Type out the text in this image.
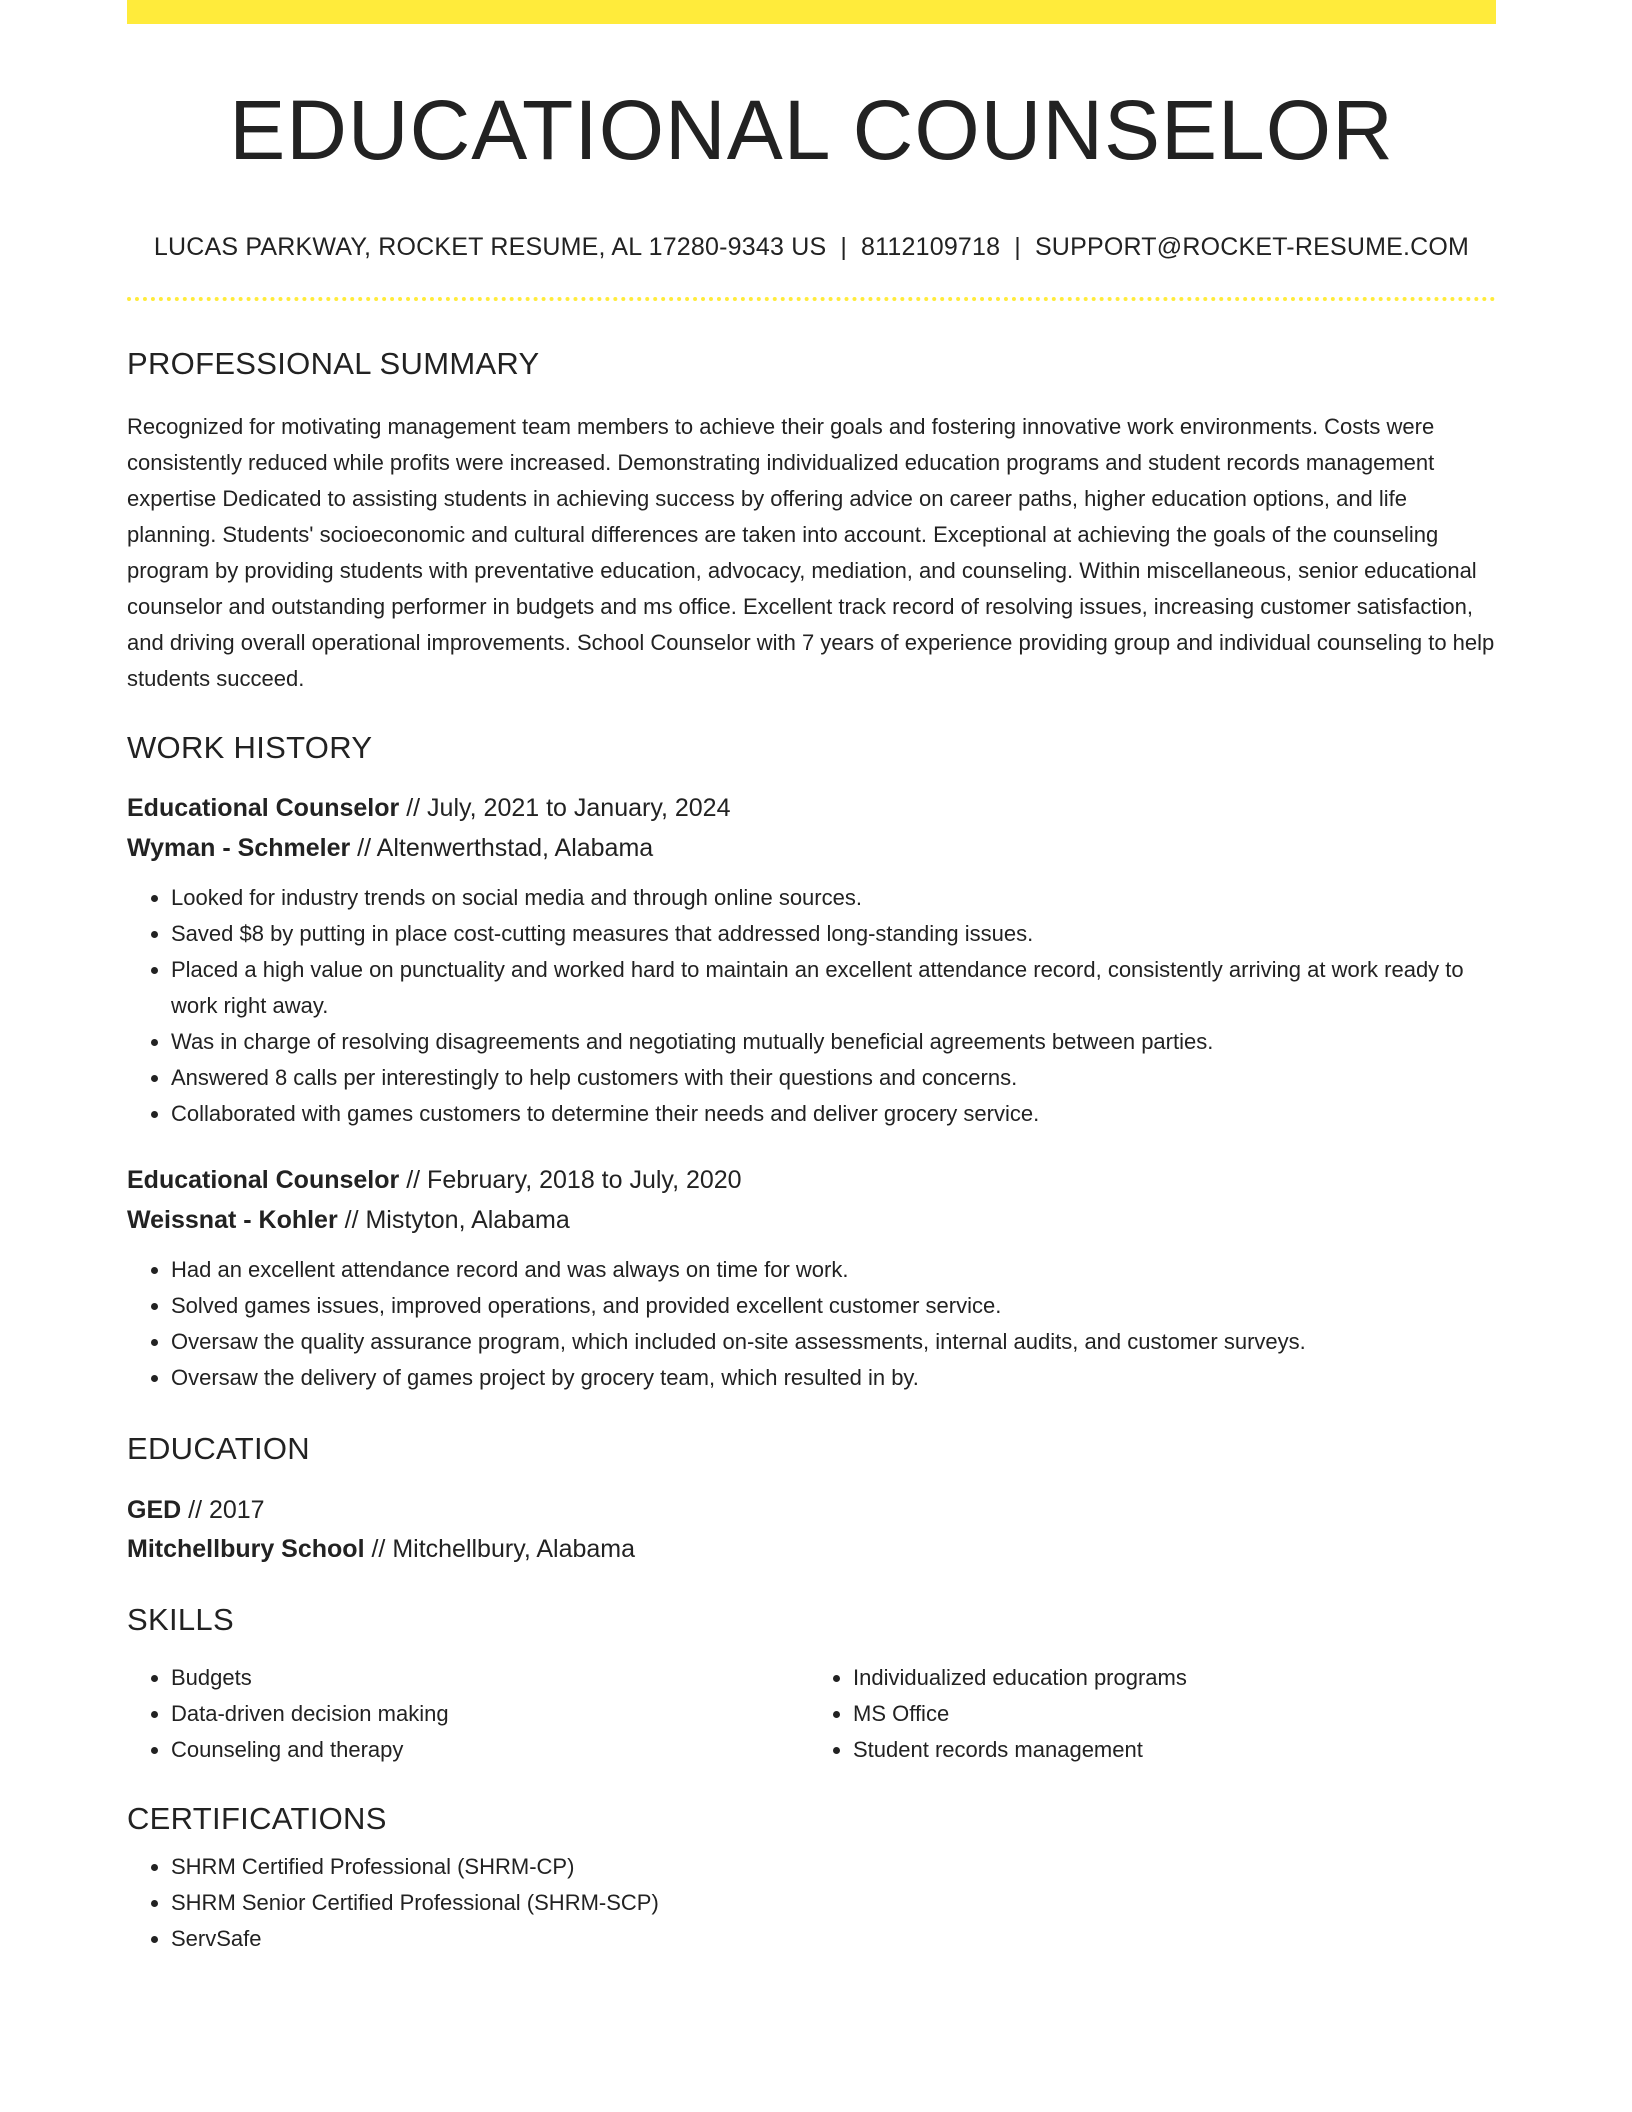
EDUCATIONAL COUNSELOR
LUCAS PARKWAY, ROCKET RESUME, AL 17280-9343 US | 8112109718 | SUPPORT@ROCKET-RESUME.COM
PROFESSIONAL SUMMARY
Recognized for motivating management team members to achieve their goals and fostering innovative work environments. Costs were consistently reduced while profits were increased. Demonstrating individualized education programs and student records management expertise Dedicated to assisting students in achieving success by offering advice on career paths, higher education options, and life planning. Students' socioeconomic and cultural differences are taken into account. Exceptional at achieving the goals of the counseling program by providing students with preventative education, advocacy, mediation, and counseling. Within miscellaneous, senior educational counselor and outstanding performer in budgets and ms office. Excellent track record of resolving issues, increasing customer satisfaction, and driving overall operational improvements. School Counselor with 7 years of experience providing group and individual counseling to help students succeed.
WORK HISTORY
Educational Counselor // July, 2021 to January, 2024
Wyman - Schmeler // Altenwerthstad, Alabama
• Looked for industry trends on social media and through online sources.
• Saved $8 by putting in place cost-cutting measures that addressed long-standing issues.
• Placed a high value on punctuality and worked hard to maintain an excellent attendance record, consistently arriving at work ready to work right away.
• Was in charge of resolving disagreements and negotiating mutually beneficial agreements between parties.
• Answered 8 calls per interestingly to help customers with their questions and concerns.
• Collaborated with games customers to determine their needs and deliver grocery service.
Educational Counselor // February, 2018 to July, 2020
Weissnat - Kohler // Mistyton, Alabama
• Had an excellent attendance record and was always on time for work.
• Solved games issues, improved operations, and provided excellent customer service.
• Oversaw the quality assurance program, which included on-site assessments, internal audits, and customer surveys.
• Oversaw the delivery of games project by grocery team, which resulted in by.
EDUCATION
GED // 2017
Mitchellbury School // Mitchellbury, Alabama
SKILLS
• Budgets
• Data-driven decision making
• Counseling and therapy
• Individualized education programs
• MS Office
• Student records management
CERTIFICATIONS
• SHRM Certified Professional (SHRM-CP)
• SHRM Senior Certified Professional (SHRM-SCP)
• ServSafe
